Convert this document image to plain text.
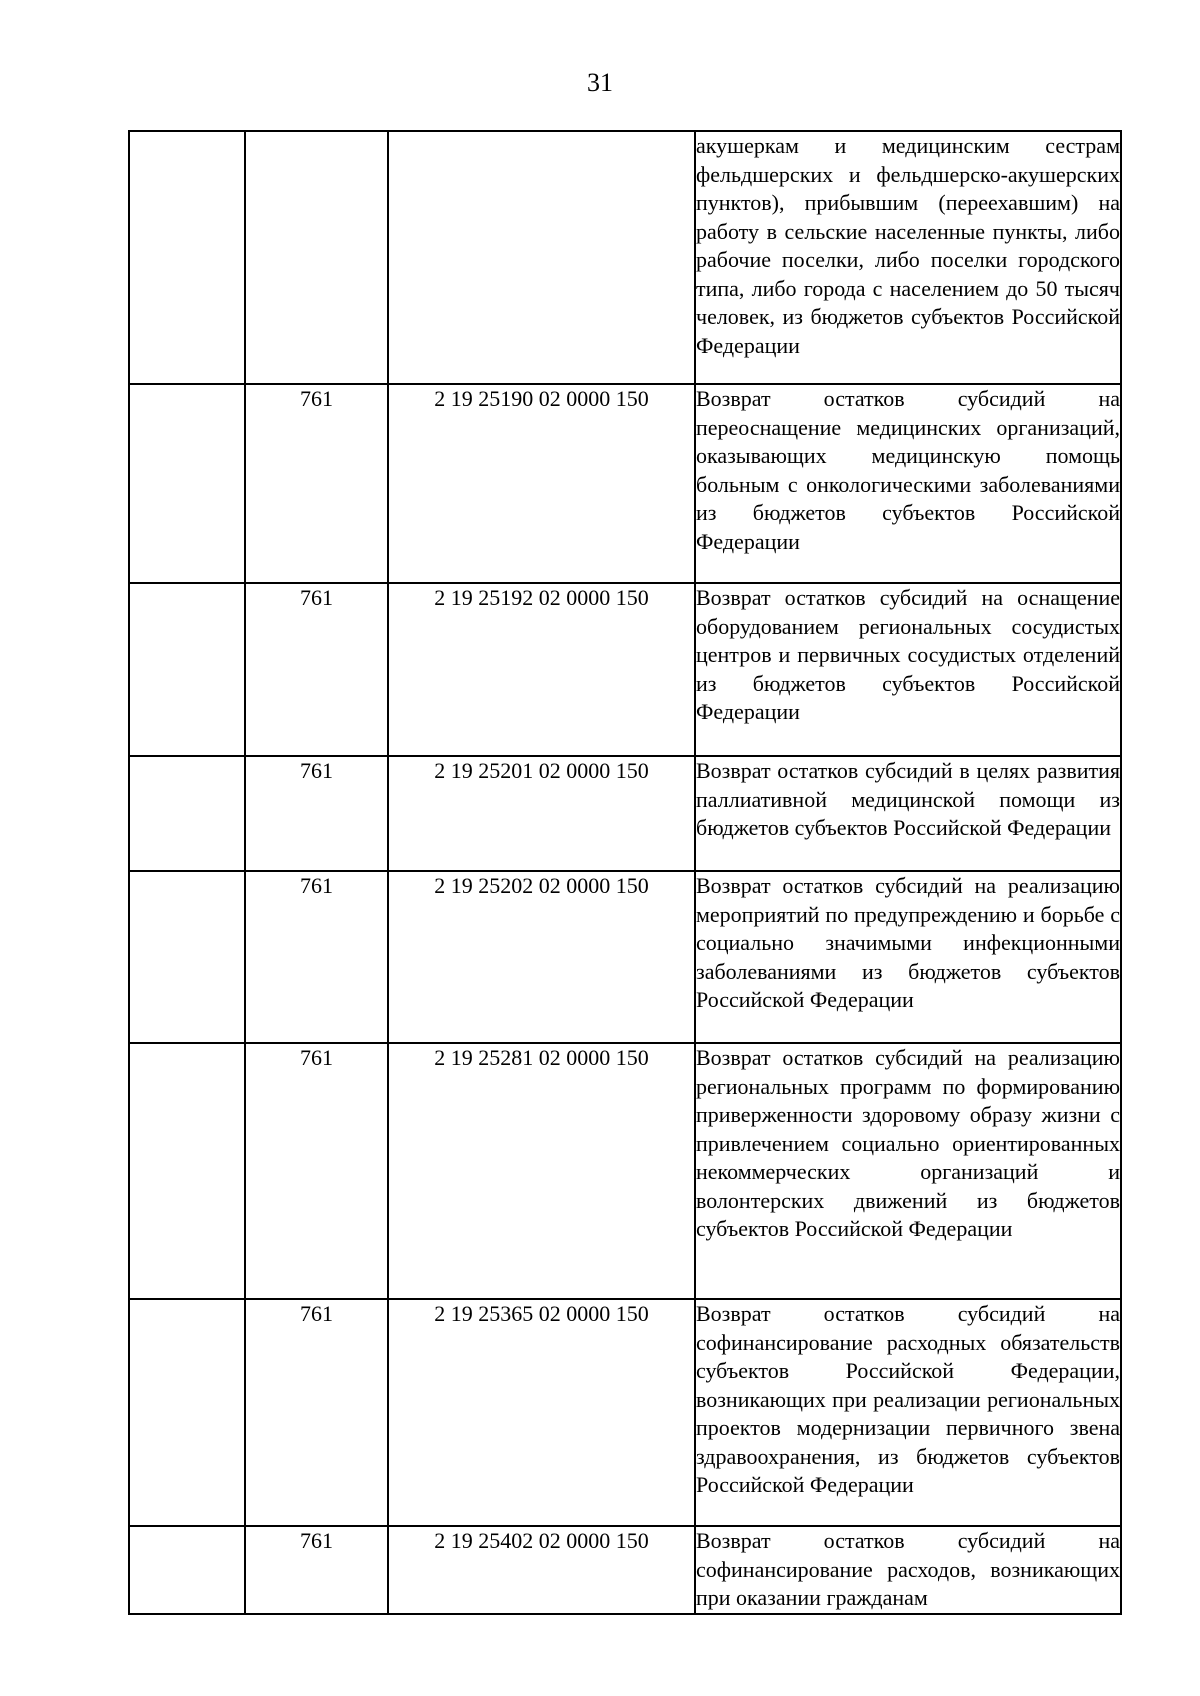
31
			акушеркам и медицинским сестрам фельдшерских и фельдшерско-акушерских пунктов), прибывшим (переехавшим) на работу в сельские населенные пункты, либо рабочие поселки, либо поселки городского типа, либо города с населением до 50 тысяч человек, из бюджетов субъектов Российской Федерации
	761	2 19 25190 02 0000 150	Возврат остатков субсидий на переоснащение медицинских организаций, оказывающих медицинскую помощь больным с онкологическими заболеваниями из бюджетов субъектов Российской Федерации
	761	2 19 25192 02 0000 150	Возврат остатков субсидий на оснащение оборудованием региональных сосудистых центров и первичных сосудистых отделений из бюджетов субъектов Российской Федерации
	761	2 19 25201 02 0000 150	Возврат остатков субсидий в целях развития паллиативной медицинской помощи из бюджетов субъектов Российской Федерации
	761	2 19 25202 02 0000 150	Возврат остатков субсидий на реализацию мероприятий по предупреждению и борьбе с социально значимыми инфекционными заболеваниями из бюджетов субъектов Российской Федерации
	761	2 19 25281 02 0000 150	Возврат остатков субсидий на реализацию региональных программ по формированию приверженности здоровому образу жизни с привлечением социально ориентированных некоммерческих организаций и волонтерских движений из бюджетов субъектов Российской Федерации
	761	2 19 25365 02 0000 150	Возврат остатков субсидий на софинансирование расходных обязательств субъектов Российской Федерации, возникающих при реализации региональных проектов модернизации первичного звена здравоохранения, из бюджетов субъектов Российской Федерации
	761	2 19 25402 02 0000 150	Возврат остатков субсидий на софинансирование расходов, возникающих при оказании гражданам
